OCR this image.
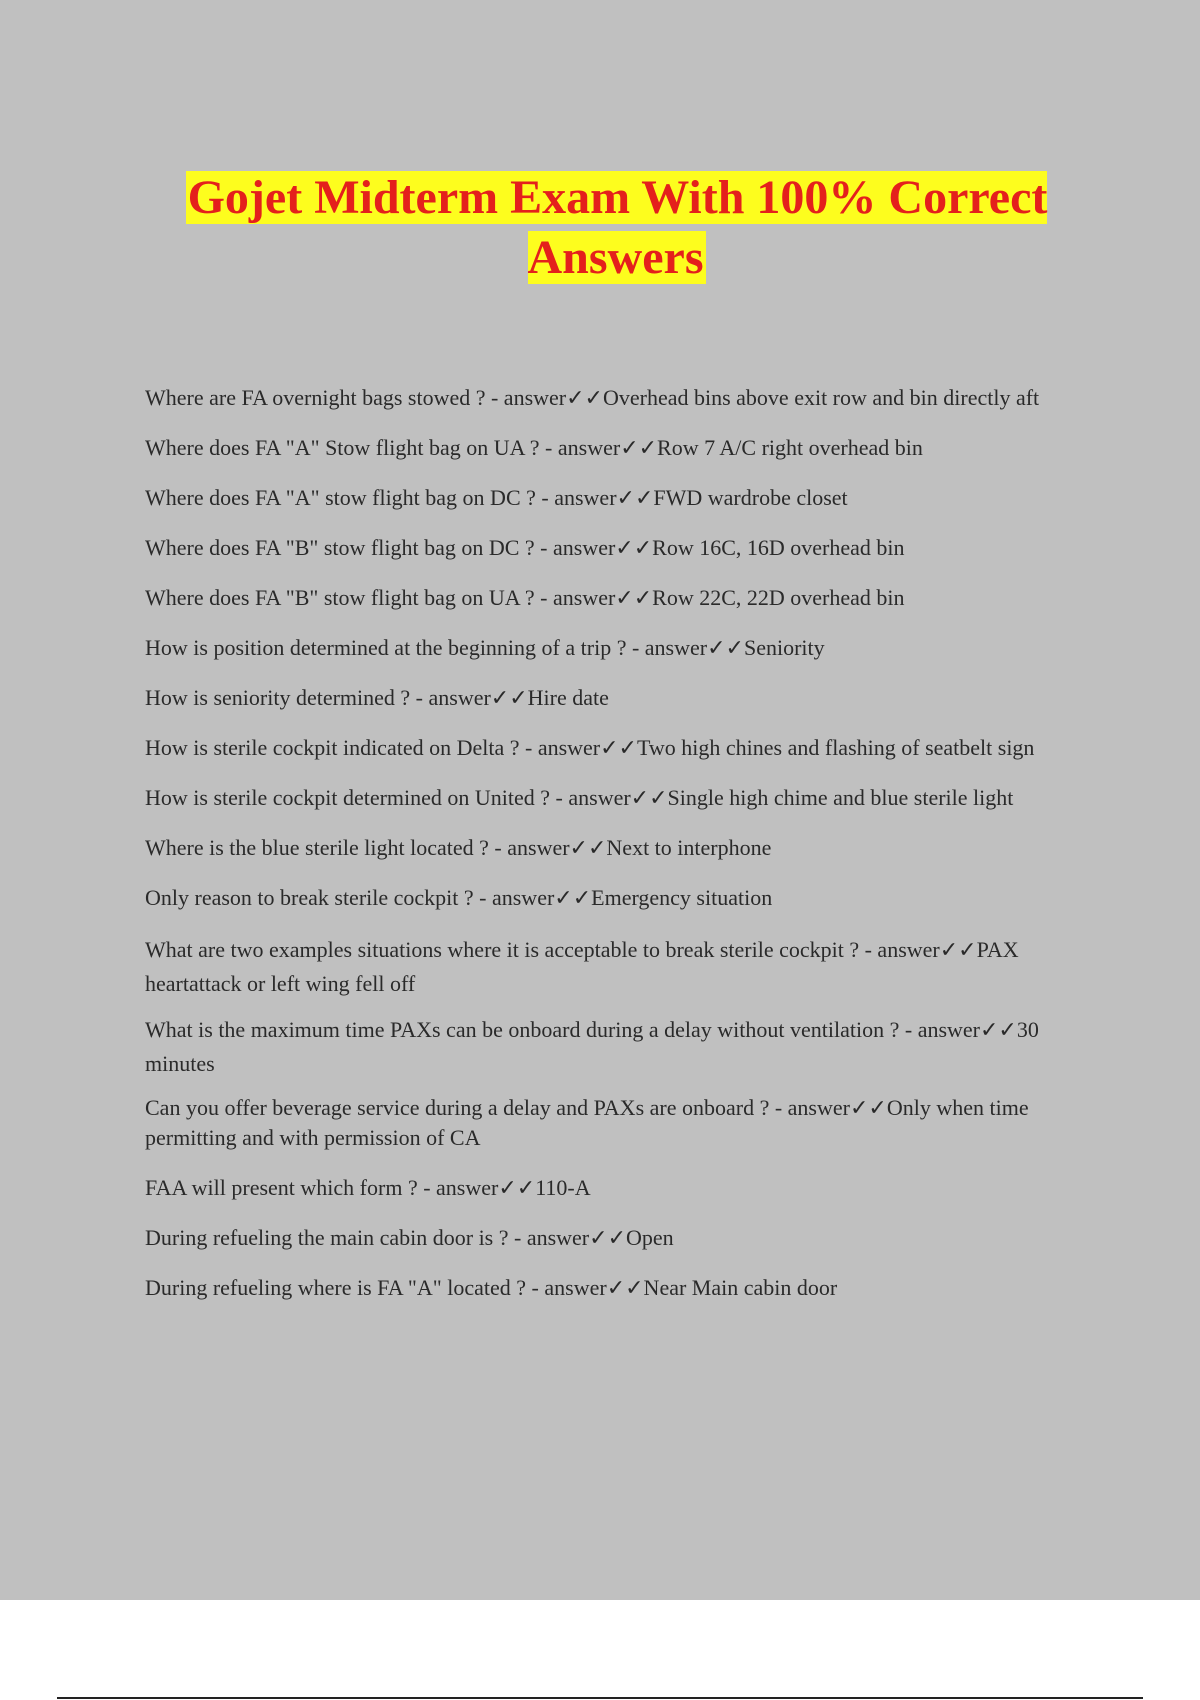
Gojet Midterm Exam With 100% Correct Answers
Where are FA overnight bags stowed ? - answer✓✓Overhead bins above exit row and bin directly aft
Where does FA "A" Stow flight bag on UA ? - answer✓✓Row 7 A/C right overhead bin
Where does FA "A" stow flight bag on DC ? - answer✓✓FWD wardrobe closet
Where does FA "B" stow flight bag on DC ? - answer✓✓Row 16C, 16D overhead bin
Where does FA "B" stow flight bag on UA ? - answer✓✓Row 22C, 22D overhead bin
How is position determined at the beginning of a trip ? - answer✓✓Seniority
How is seniority determined ? - answer✓✓Hire date
How is sterile cockpit indicated on Delta ? - answer✓✓Two high chines and flashing of seatbelt sign
How is sterile cockpit determined on United ? - answer✓✓Single high chime and blue sterile light
Where is the blue sterile light located ? - answer✓✓Next to interphone
Only reason to break sterile cockpit ? - answer✓✓Emergency situation
What are two examples situations where it is acceptable to break sterile cockpit ? - answer✓✓PAX heartattack or left wing fell off
What is the maximum time PAXs can be onboard during a delay without ventilation ? - answer✓✓30 minutes
Can you offer beverage service during a delay and PAXs are onboard ? - answer✓✓Only when time permitting and with permission of CA
FAA will present which form ? - answer✓✓110-A
During refueling the main cabin door is ? - answer✓✓Open
During refueling where is FA "A" located ? - answer✓✓Near Main cabin door
